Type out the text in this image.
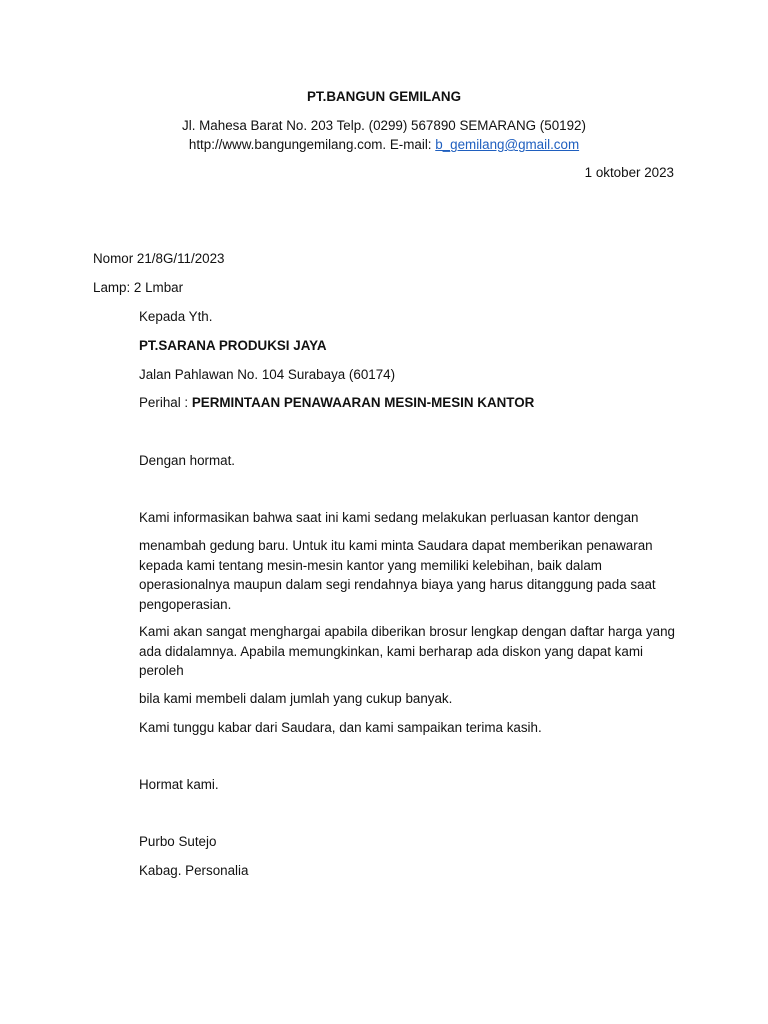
PT.BANGUN GEMILANG
Jl. Mahesa Barat No. 203 Telp. (0299) 567890 SEMARANG (50192)
http://www.bangungemilang.com. E-mail: b_gemilang@gmail.com
1 oktober 2023
Nomor 21/8G/11/2023
Lamp: 2 Lmbar
Kepada Yth.
PT.SARANA PRODUKSI JAYA
Jalan Pahlawan No. 104 Surabaya (60174)
Perihal : PERMINTAAN PENAWAARAN MESIN-MESIN KANTOR
Dengan hormat.
Kami informasikan bahwa saat ini kami sedang melakukan perluasan kantor dengan
menambah gedung baru. Untuk itu kami minta Saudara dapat memberikan penawaran kepada kami tentang mesin-mesin kantor yang memiliki kelebihan, baik dalam operasionalnya maupun dalam segi rendahnya biaya yang harus ditanggung pada saat pengoperasian.
Kami akan sangat menghargai apabila diberikan brosur lengkap dengan daftar harga yang ada didalamnya. Apabila memungkinkan, kami berharap ada diskon yang dapat kami peroleh
bila kami membeli dalam jumlah yang cukup banyak.
Kami tunggu kabar dari Saudara, dan kami sampaikan terima kasih.
Hormat kami.
Purbo Sutejo
Kabag. Personalia
